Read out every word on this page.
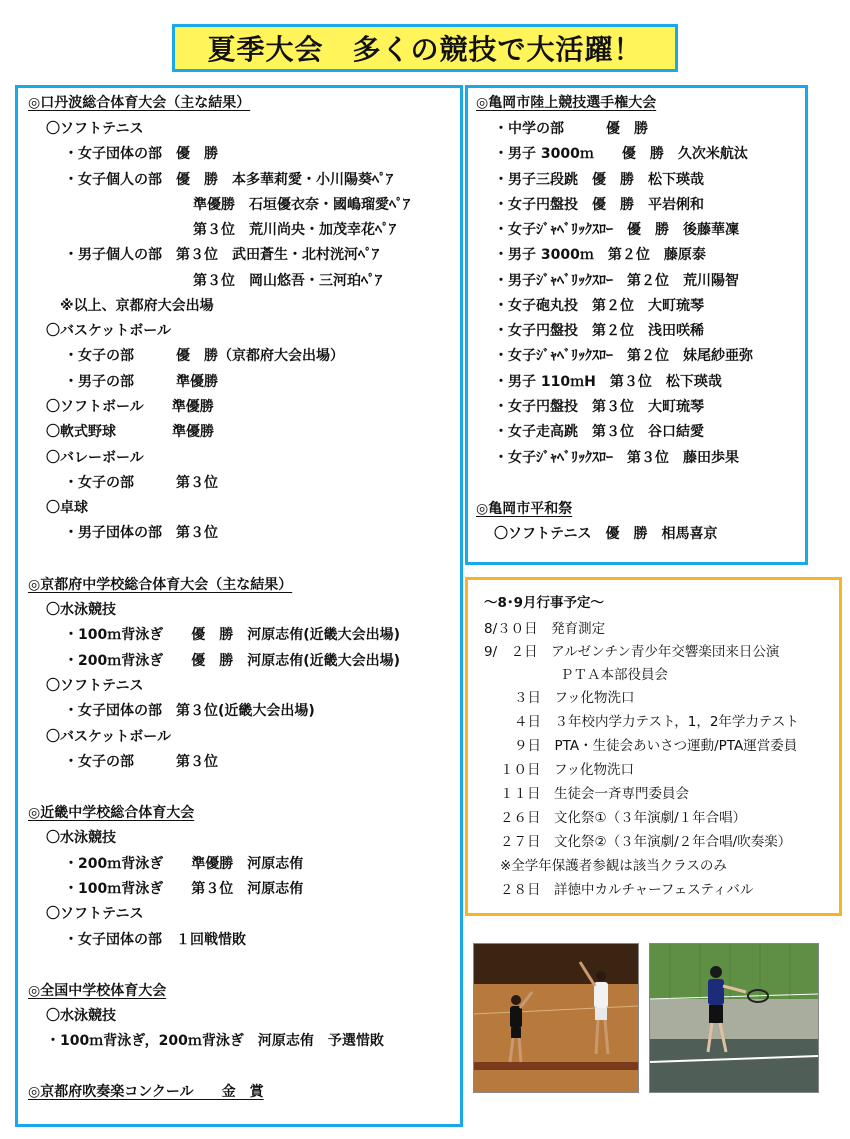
夏季大会　多くの競技で大活躍！
◎口丹波総合体育大会（主な結果）
〇ソフトテニス
・女子団体の部　優　勝
・女子個人の部　優　勝　本多華莉愛・小川陽葵ﾍﾟｱ
準優勝　石垣優衣奈・國嶋瑠愛ﾍﾟｱ
第３位　荒川尚央・加茂幸花ﾍﾟｱ
・男子個人の部　第３位　武田蒼生・北村洸河ﾍﾟｱ
第３位　岡山悠吾・三河珀ﾍﾟｱ
※以上、京都府大会出場
〇バスケットボール
・女子の部　　　優　勝（京都府大会出場）
・男子の部　　　準優勝
〇ソフトボール　　準優勝
〇軟式野球　　　　準優勝
〇バレーボール
・女子の部　　　第３位
〇卓球
・男子団体の部　第３位
◎京都府中学校総合体育大会（主な結果）
〇水泳競技
・100ｍ背泳ぎ　　優　勝　河原志侑(近畿大会出場)
・200ｍ背泳ぎ　　優　勝　河原志侑(近畿大会出場)
〇ソフトテニス
・女子団体の部　第３位(近畿大会出場)
〇バスケットボール
・女子の部　　　第３位
◎近畿中学校総合体育大会
〇水泳競技
・200ｍ背泳ぎ　　準優勝　河原志侑
・100ｍ背泳ぎ　　第３位　河原志侑
〇ソフトテニス
・女子団体の部　１回戦惜敗
◎全国中学校体育大会
〇水泳競技
・100ｍ背泳ぎ，200ｍ背泳ぎ　河原志侑　予選惜敗
◎京都府吹奏楽コンクール　　金　賞
◎亀岡市陸上競技選手権大会
・中学の部　　　優　勝
・男子 3000ｍ　　優　勝　久次米航汰
・男子三段跳　優　勝　松下瑛哉
・女子円盤投　優　勝　平岩俐和
・女子ｼﾞｬﾍﾞﾘｯｸｽﾛｰ　優　勝　後藤華凜
・男子 3000ｍ　第２位　藤原泰
・男子ｼﾞｬﾍﾞﾘｯｸｽﾛｰ　第２位　荒川陽智
・女子砲丸投　第２位　大町琉琴
・女子円盤投　第２位　浅田咲稀
・女子ｼﾞｬﾍﾞﾘｯｸｽﾛｰ　第２位　妹尾紗亜弥
・男子 110ｍH　第３位　松下瑛哉
・女子円盤投　第３位　大町琉琴
・女子走高跳　第３位　谷口結愛
・女子ｼﾞｬﾍﾞﾘｯｸｽﾛｰ　第３位　藤田歩果
◎亀岡市平和祭
〇ソフトテニス　優　勝　相馬喜京
～8･9月行事予定～
8/３０日　発育測定
9/　２日　アルゼンチン青少年交響楽団来日公演
ＰＴＡ本部役員会
３日　フッ化物洗口
４日　３年校内学力テスト，1，2年学力テスト
９日　PTA・生徒会あいさつ運動/PTA運営委員
１０日　フッ化物洗口
１１日　生徒会一斉専門委員会
２６日　文化祭①（３年演劇/１年合唱）
２７日　文化祭②（３年演劇/２年合唱/吹奏楽）
※全学年保護者参観は該当クラスのみ
２８日　詳徳中カルチャーフェスティバル
